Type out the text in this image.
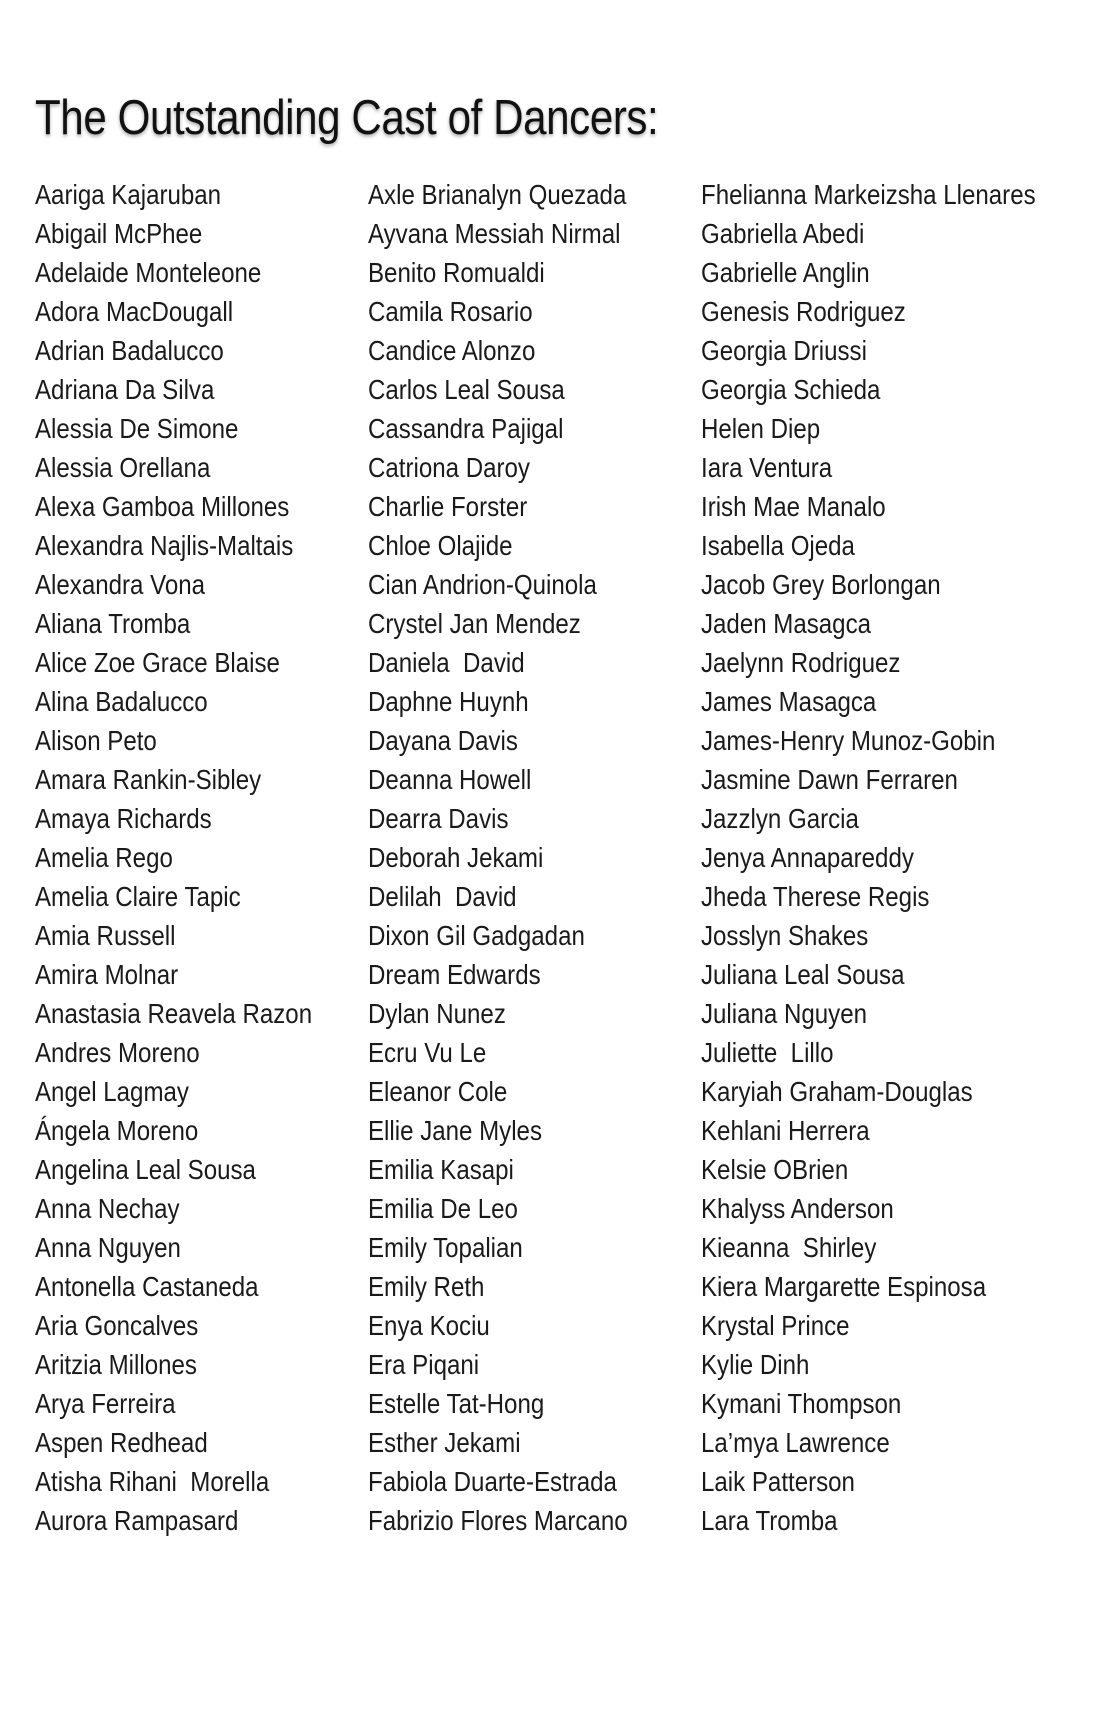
The Outstanding Cast of Dancers:
Aariga Kajaruban
Abigail McPhee
Adelaide Monteleone
Adora MacDougall
Adrian Badalucco
Adriana Da Silva
Alessia De Simone
Alessia Orellana
Alexa Gamboa Millones
Alexandra Najlis-Maltais
Alexandra Vona
Aliana Tromba
Alice Zoe Grace Blaise
Alina Badalucco
Alison Peto
Amara Rankin-Sibley
Amaya Richards
Amelia Rego
Amelia Claire Tapic
Amia Russell
Amira Molnar
Anastasia Reavela Razon
Andres Moreno
Angel Lagmay
Ángela Moreno
Angelina Leal Sousa
Anna Nechay
Anna Nguyen
Antonella Castaneda
Aria Goncalves
Aritzia Millones
Arya Ferreira
Aspen Redhead
Atisha Rihani  Morella
Aurora Rampasard
Axle Brianalyn Quezada
Ayvana Messiah Nirmal
Benito Romualdi
Camila Rosario
Candice Alonzo
Carlos Leal Sousa
Cassandra Pajigal
Catriona Daroy
Charlie Forster
Chloe Olajide
Cian Andrion-Quinola
Crystel Jan Mendez
Daniela  David
Daphne Huynh
Dayana Davis
Deanna Howell
Dearra Davis
Deborah Jekami
Delilah  David
Dixon Gil Gadgadan
Dream Edwards
Dylan Nunez
Ecru Vu Le
Eleanor Cole
Ellie Jane Myles
Emilia Kasapi
Emilia De Leo
Emily Topalian
Emily Reth
Enya Kociu
Era Piqani
Estelle Tat-Hong
Esther Jekami
Fabiola Duarte-Estrada
Fabrizio Flores Marcano
Fhelianna Markeizsha Llenares
Gabriella Abedi
Gabrielle Anglin
Genesis Rodriguez
Georgia Driussi
Georgia Schieda
Helen Diep
Iara Ventura
Irish Mae Manalo
Isabella Ojeda
Jacob Grey Borlongan
Jaden Masagca
Jaelynn Rodriguez
James Masagca
James-Henry Munoz-Gobin
Jasmine Dawn Ferraren
Jazzlyn Garcia
Jenya Annapareddy
Jheda Therese Regis
Josslyn Shakes
Juliana Leal Sousa
Juliana Nguyen
Juliette  Lillo
Karyiah Graham-Douglas
Kehlani Herrera
Kelsie OBrien
Khalyss Anderson
Kieanna  Shirley
Kiera Margarette Espinosa
Krystal Prince
Kylie Dinh
Kymani Thompson
La’mya Lawrence
Laik Patterson
Lara Tromba
